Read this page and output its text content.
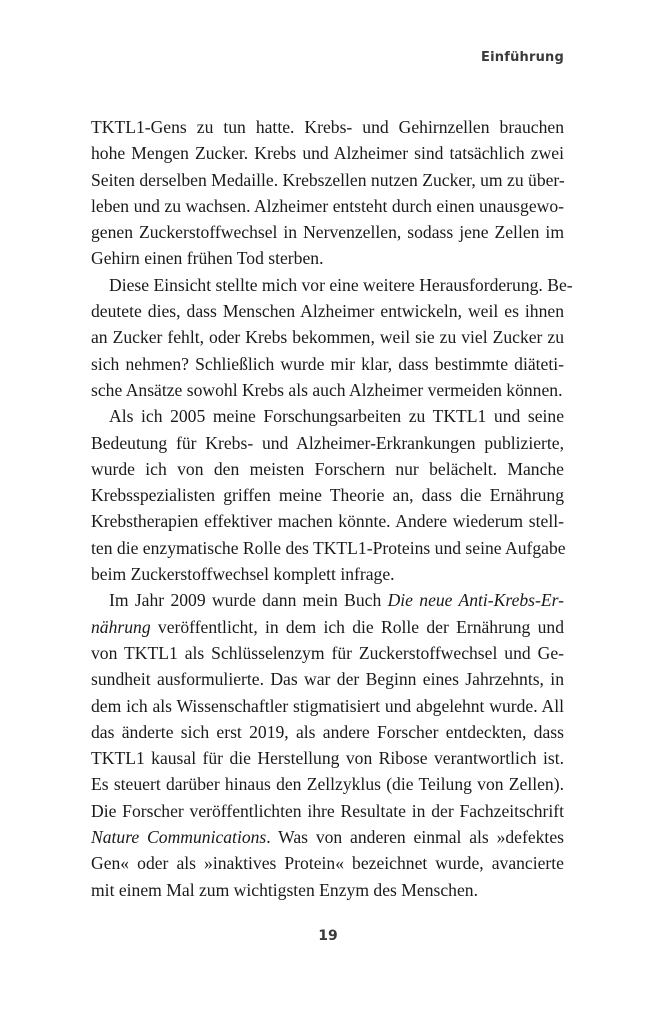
Einführung
TKTL1-Gens zu tun hatte. Krebs- und Gehirnzellen brauchen
hohe Mengen Zucker. Krebs und Alzheimer sind tatsächlich zwei
Seiten derselben Medaille. Krebszellen nutzen Zucker, um zu über-
leben und zu wachsen. Alzheimer entsteht durch einen unausgewo-
genen Zuckerstoffwechsel in Nervenzellen, sodass jene Zellen im
Gehirn einen frühen Tod sterben.
Diese Einsicht stellte mich vor eine weitere Herausforderung. Be-
deutete dies, dass Menschen Alzheimer entwickeln, weil es ihnen
an Zucker fehlt, oder Krebs bekommen, weil sie zu viel Zucker zu
sich nehmen? Schließlich wurde mir klar, dass bestimmte diäteti-
sche Ansätze sowohl Krebs als auch Alzheimer vermeiden können.
Als ich 2005 meine Forschungsarbeiten zu TKTL1 und seine
Bedeutung für Krebs- und Alzheimer-Erkrankungen publizierte,
wurde ich von den meisten Forschern nur belächelt. Manche
Krebsspezialisten griffen meine Theorie an, dass die Ernährung
Krebstherapien effektiver machen könnte. Andere wiederum stell-
ten die enzymatische Rolle des TKTL1-Proteins und seine Aufgabe
beim Zuckerstoffwechsel komplett infrage.
Im Jahr 2009 wurde dann mein Buch Die neue Anti-Krebs-Er-
nährung veröffentlicht, in dem ich die Rolle der Ernährung und
von TKTL1 als Schlüsselenzym für Zuckerstoffwechsel und Ge-
sundheit ausformulierte. Das war der Beginn eines Jahrzehnts, in
dem ich als Wissenschaftler stigmatisiert und abgelehnt wurde. All
das änderte sich erst 2019, als andere Forscher entdeckten, dass
TKTL1 kausal für die Herstellung von Ribose verantwortlich ist.
Es steuert darüber hinaus den Zellzyklus (die Teilung von Zellen).
Die Forscher veröffentlichten ihre Resultate in der Fachzeitschrift
Nature Communications. Was von anderen einmal als »defektes
Gen« oder als »inaktives Protein« bezeichnet wurde, avancierte
mit einem Mal zum wichtigsten Enzym des Menschen.
19
